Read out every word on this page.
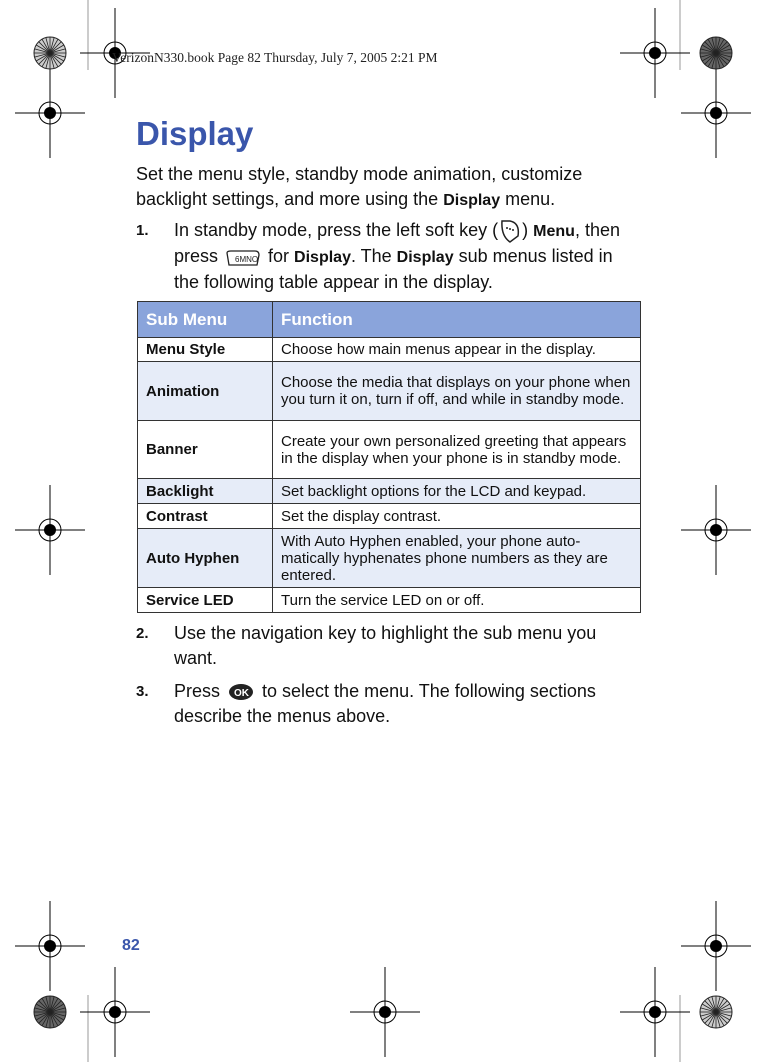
VerizonN330.book Page 82 Thursday, July 7, 2005 2:21 PM
Display
Set the menu style, standby mode animation, customize backlight settings, and more using the Display menu.
1. In standby mode, press the left soft key ( ) Menu, then press 6MNO for Display. The Display sub menus listed in the following table appear in the display.
Sub Menu	Function
Menu Style	Choose how main menus appear in the display.
Animation	Choose the media that displays on your phone when you turn it on, turn if off, and while in standby mode.
Banner	Create your own personalized greeting that appears in the display when your phone is in standby mode.
Backlight	Set backlight options for the LCD and keypad.
Contrast	Set the display contrast.
Auto Hyphen	With Auto Hyphen enabled, your phone auto-matically hyphenates phone numbers as they are entered.
Service LED	Turn the service LED on or off.
2. Use the navigation key to highlight the sub menu you want.
3. Press OK to select the menu. The following sections describe the menus above.
82
